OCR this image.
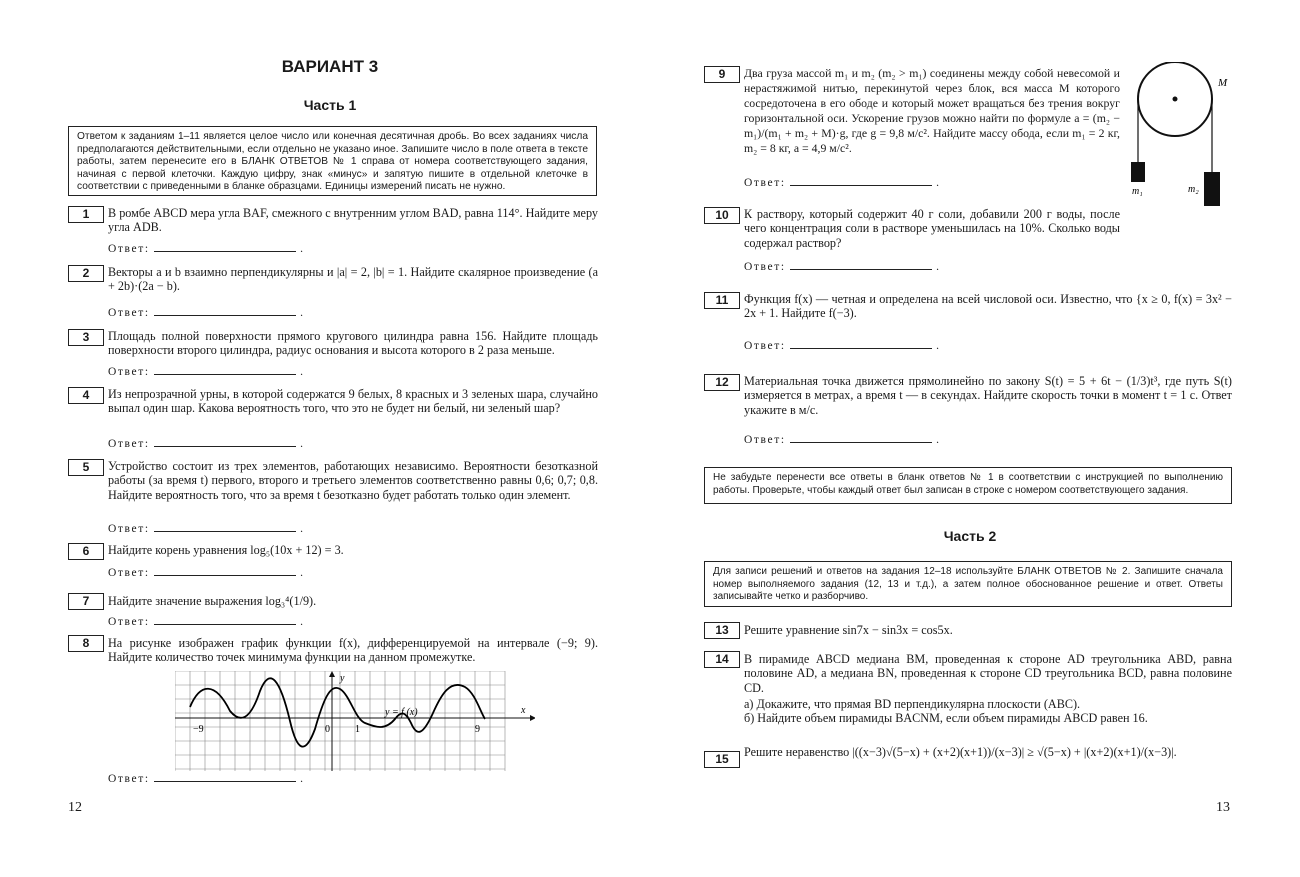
ВАРИАНТ 3
Часть 1
Ответом к заданиям 1–11 является целое число или конечная десятичная дробь. Во всех заданиях числа предполагаются действительными, если отдельно не указано иное. Запишите число в поле ответа в тексте работы, затем перенесите его в БЛАНК ОТВЕТОВ № 1 справа от номера соответствующего задания, начиная с первой клеточки. Каждую цифру, знак «минус» и запятую пишите в отдельной клеточке в соответствии с приведенными в бланке образцами. Единицы измерений писать не нужно.
1	В ромбе ABCD мера угла BAF, смежного с внутренним углом BAD, равна 114°. Найдите меру угла ADB.
Ответ:	.
2	Векторы a и b взаимно перпендикулярны и |a| = 2, |b| = 1. Найдите скалярное произведение (a + 2b)·(2a − b).
Ответ:	.
3	Площадь полной поверхности прямого кругового цилиндра равна 156. Найдите площадь поверхности второго цилиндра, радиус основания и высота которого в 2 раза меньше.
Ответ:	.
4	Из непрозрачной урны, в которой содержатся 9 белых, 8 красных и 3 зеленых шара, случайно выпал один шар. Какова вероятность того, что это не будет ни белый, ни зеленый шар?
Ответ:	.
5	Устройство состоит из трех элементов, работающих независимо. Вероятности безотказной работы (за время t) первого, второго и третьего элементов соответственно равны 0,6; 0,7; 0,8. Найдите вероятность того, что за время t безотказно будет работать только один элемент.
Ответ:	.
6	Найдите корень уравнения log₅(10x + 12) = 3.
Ответ:	.
7	Найдите значение выражения log₃⁴(1/9).
Ответ:	.
8	На рисунке изображен график функции f(x), дифференцируемой на интервале (−9; 9). Найдите количество точек минимума функции на данном промежутке.
y
x
y = f (x)
−9	0	1	9
Ответ:	.
12
9	Два груза массой m₁ и m₂ (m₂ > m₁) соединены между собой невесомой и нерастяжимой нитью, перекинутой через блок, вся масса M которого сосредоточена в его ободе и который может вращаться без трения вокруг горизонтальной оси. Ускорение грузов можно найти по формуле a = (m₂ − m₁)/(m₁ + m₂ + M)·g, где g = 9,8 м/с². Найдите массу обода, если m₁ = 2 кг, m₂ = 8 кг, a = 4,9 м/с².
Ответ:	.
M
m₁	m₂
10	К раствору, который содержит 40 г соли, добавили 200 г воды, после чего концентрация соли в растворе уменьшилась на 10%. Сколько воды содержал раствор?
Ответ:	.
11	Функция f(x) — четная и определена на всей числовой оси. Известно, что {x ≥ 0, f(x) = 3x² − 2x + 1. Найдите f(−3).
Ответ:	.
12	Материальная точка движется прямолинейно по закону S(t) = 5 + 6t − (1/3)t³, где путь S(t) измеряется в метрах, а время t — в секундах. Найдите скорость точки в момент t = 1 с. Ответ укажите в м/с.
Ответ:	.
Не забудьте перенести все ответы в бланк ответов № 1 в соответствии с инструкцией по выполнению работы. Проверьте, чтобы каждый ответ был записан в строке с номером соответствующего задания.
Часть 2
Для записи решений и ответов на задания 12–18 используйте БЛАНК ОТВЕТОВ № 2. Запишите сначала номер выполняемого задания (12, 13 и т.д.), а затем полное обоснованное решение и ответ. Ответы записывайте четко и разборчиво.
13	Решите уравнение sin7x − sin3x = cos5x.
14	В пирамиде ABCD медиана BM, проведенная к стороне AD треугольника ABD, равна половине AD, а медиана BN, проведенная к стороне CD треугольника BCD, равна половине CD.
а) Докажите, что прямая BD перпендикулярна плоскости (ABC).
б) Найдите объем пирамиды BACNM, если объем пирамиды ABCD равен 16.
15	Решите неравенство |((x−3)√(5−x) + (x+2)(x+1))/(x−3)| ≥ √(5−x) + |(x+2)(x+1)/(x−3)|.
13
